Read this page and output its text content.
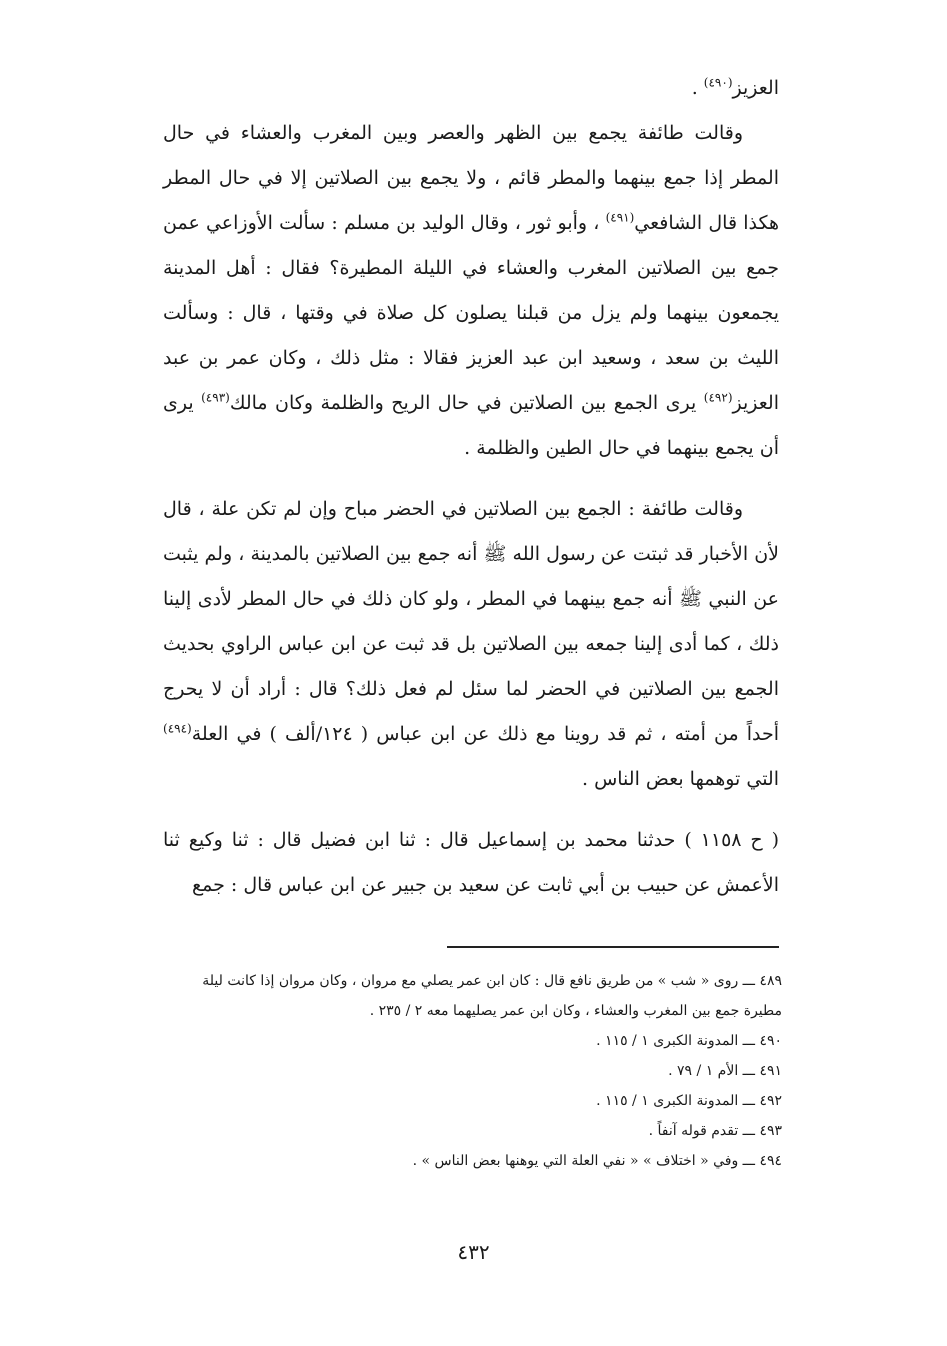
العزيز$^{(٤٩٠)}$ .

وقالت طائفة يجمع بين الظهر والعصر وبين المغرب والعشاء في حال المطر إذا جمع بينهما والمطر قائم ، ولا يجمع بين الصلاتين إلا في حال المطر هكذا قال الشافعي$^{(٤٩١)}$ ، وأبو ثور ، وقال الوليد بن مسلم : سألت الأوزاعي عمن جمع بين الصلاتين المغرب والعشاء في الليلة المطيرة؟ فقال : أهل المدينة يجمعون بينهما ولم يزل من قبلنا يصلون كل صلاة في وقتها ، قال : وسألت الليث بن سعد ، وسعيد ابن عبد العزيز فقالا : مثل ذلك ، وكان عمر بن عبد العزيز$^{(٤٩٢)}$ يرى الجمع بين الصلاتين في حال الريح والظلمة وكان مالك$^{(٤٩٣)}$ يرى أن يجمع بينهما في حال الطين والظلمة .

وقالت طائفة : الجمع بين الصلاتين في الحضر مباح وإن لم تكن علة ، قال لأن الأخبار قد ثبتت عن رسول الله ﷺ أنه جمع بين الصلاتين بالمدينة ، ولم يثبت عن النبي ﷺ أنه جمع بينهما في المطر ، ولو كان ذلك في حال المطر لأدى إلينا ذلك ، كما أدى إلينا جمعه بين الصلاتين بل قد ثبت عن ابن عباس الراوي بحديث الجمع بين الصلاتين في الحضر لما سئل لم فعل ذلك؟ قال : أراد أن لا يحرج أحداً من أمته ، ثم قد روينا مع ذلك عن ابن عباس ( ١٢٤/ألف ) في العلة$^{(٤٩٤)}$ التي توهمها بعض الناس .

( ح ١١٥٨ ) حدثنا محمد بن إسماعيل قال : ثنا ابن فضيل قال : ثنا وكيع ثنا الأعمش عن حبيب بن أبي ثابت عن سعيد بن جبير عن ابن عباس قال : جمع

٤٨٩ ـــ روى « شب » من طريق نافع قال : كان ابن عمر يصلي مع مروان ، وكان مروان إذا كانت ليلة

مطيرة جمع بين المغرب والعشاء ، وكان ابن عمر يصليهما معه ٢ / ٢٣٥ .

٤٩٠ ـــ المدونة الكبرى ١ / ١١٥ .

٤٩١ ـــ الأم ١ / ٧٩ .

٤٩٢ ـــ المدونة الكبرى ١ / ١١٥ .

٤٩٣ ـــ تقدم قوله آنفاً .

٤٩٤ ـــ وفي « اختلاف » « نفي العلة التي يوهنها بعض الناس » .

٤٣٢
